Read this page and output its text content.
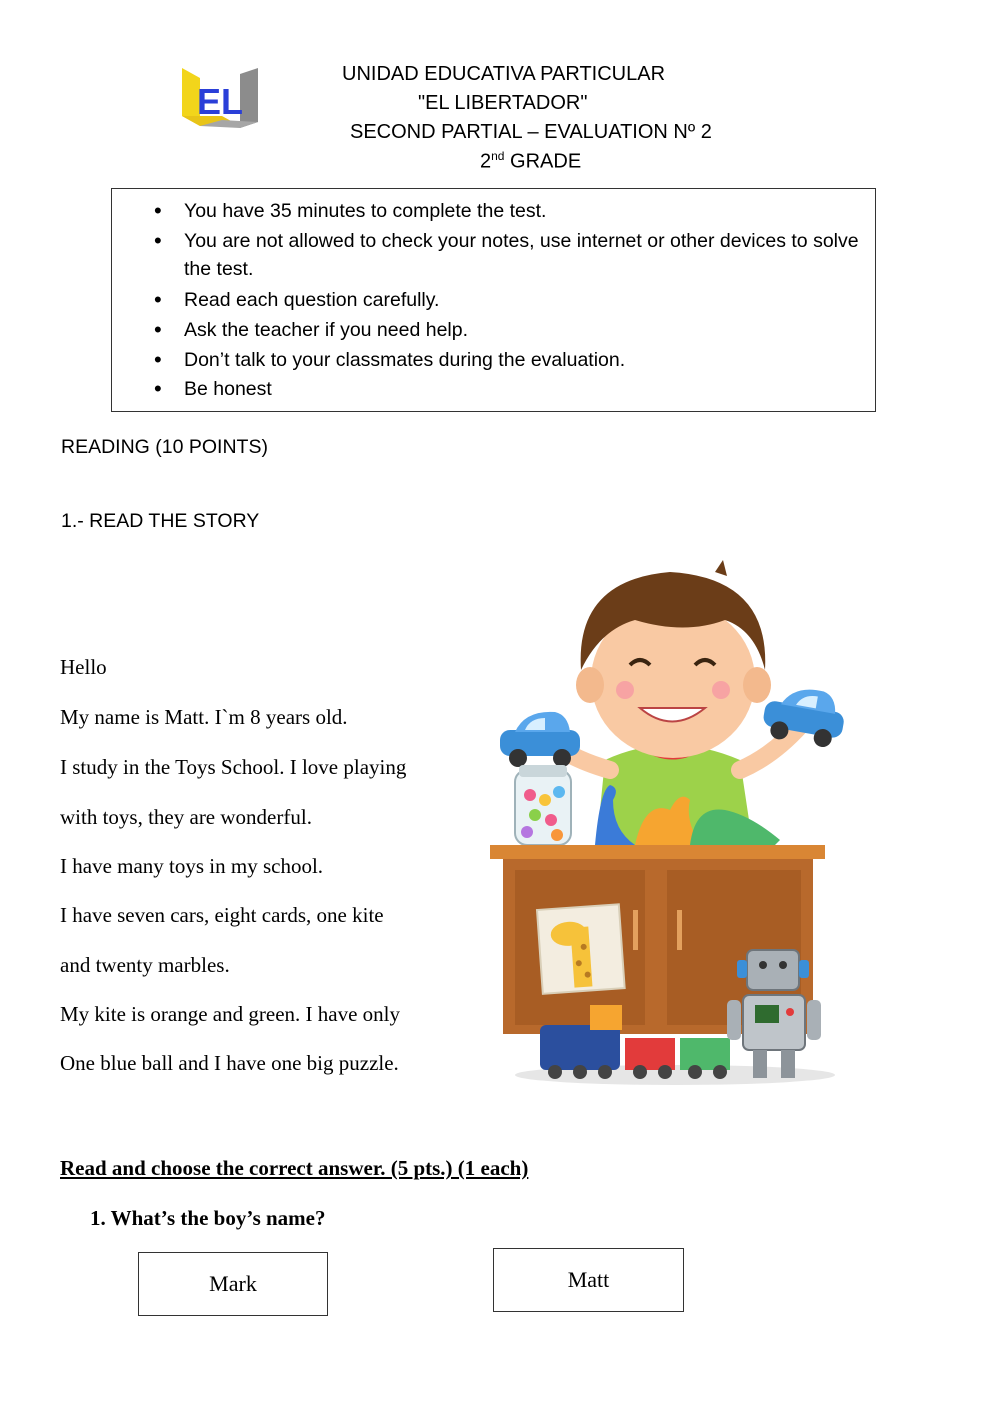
EL
UNIDAD EDUCATIVA PARTICULAR
"EL LIBERTADOR"
SECOND PARTIAL – EVALUATION Nº 2
2nd GRADE
• You have 35 minutes to complete the test.
• You are not allowed to check your notes, use internet or other devices to solve the test.
• Read each question carefully.
• Ask the teacher if you need help.
• Don’t talk to your classmates during the evaluation.
• Be honest
READING (10 POINTS)
1.- READ THE STORY
Hello
My name is Matt. I`m 8 years old.
I study in the Toys School. I love playing
with toys, they are wonderful.
I have many toys in my school.
I have seven cars, eight cards, one kite
and twenty marbles.
My kite is orange and green. I have only
One blue ball and I have one big puzzle.
Read and choose the correct answer. (5 pts.) (1 each)
1. What’s the boy’s name?
Mark	Matt
